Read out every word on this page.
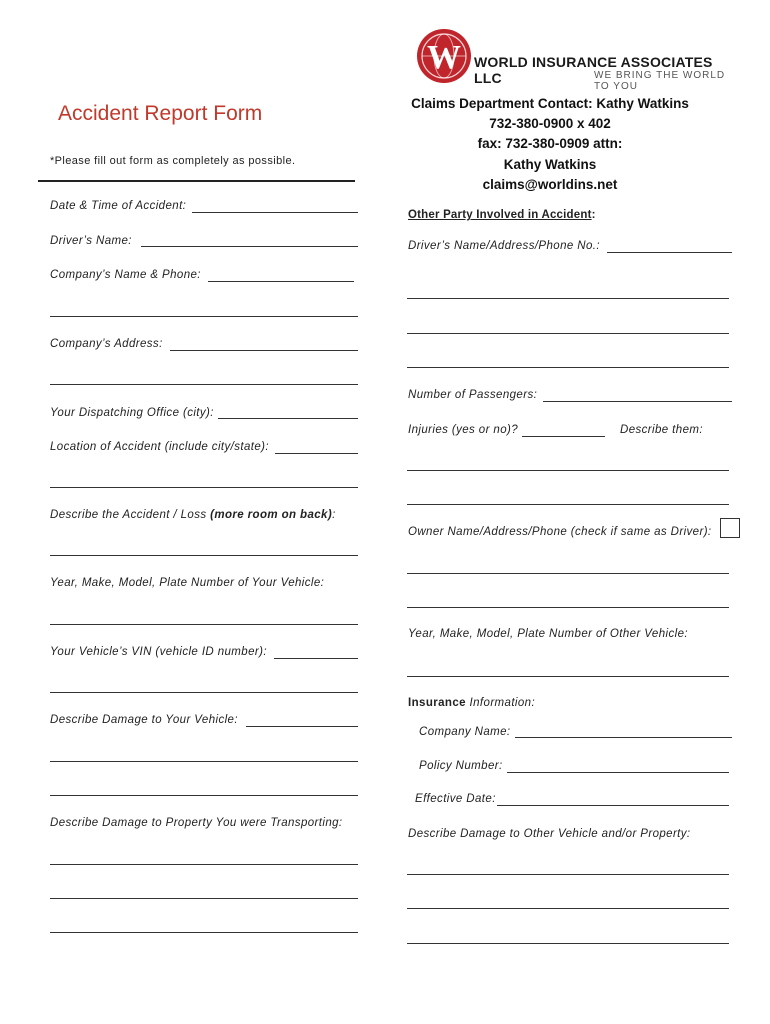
W WORLD INSURANCE ASSOCIATES LLC	WE BRING THE WORLD TO YOU
Accident Report Form
*Please fill out form as completely as possible.
Claims Department Contact: Kathy Watkins
732-380-0900 x 402
fax: 732-380-0909 attn:
Kathy Watkins
claims@worldins.net
Date & Time of Accident:
Driver’s Name:
Company’s Name & Phone:
Company’s Address:
Your Dispatching Office (city):
Location of Accident (include city/state):
Describe the Accident / Loss (more room on back):
Year, Make, Model, Plate Number of Your Vehicle:
Your Vehicle’s VIN (vehicle ID number):
Describe Damage to Your Vehicle:
Describe Damage to Property You were Transporting:
Other Party Involved in Accident:
Driver’s Name/Address/Phone No.:
Number of Passengers:
Injuries (yes or no)?	Describe them:
Owner Name/Address/Phone (check if same as Driver):
Year, Make, Model, Plate Number of Other Vehicle:
Insurance Information:
Company Name:
Policy Number:
Effective Date:
Describe Damage to Other Vehicle and/or Property:
